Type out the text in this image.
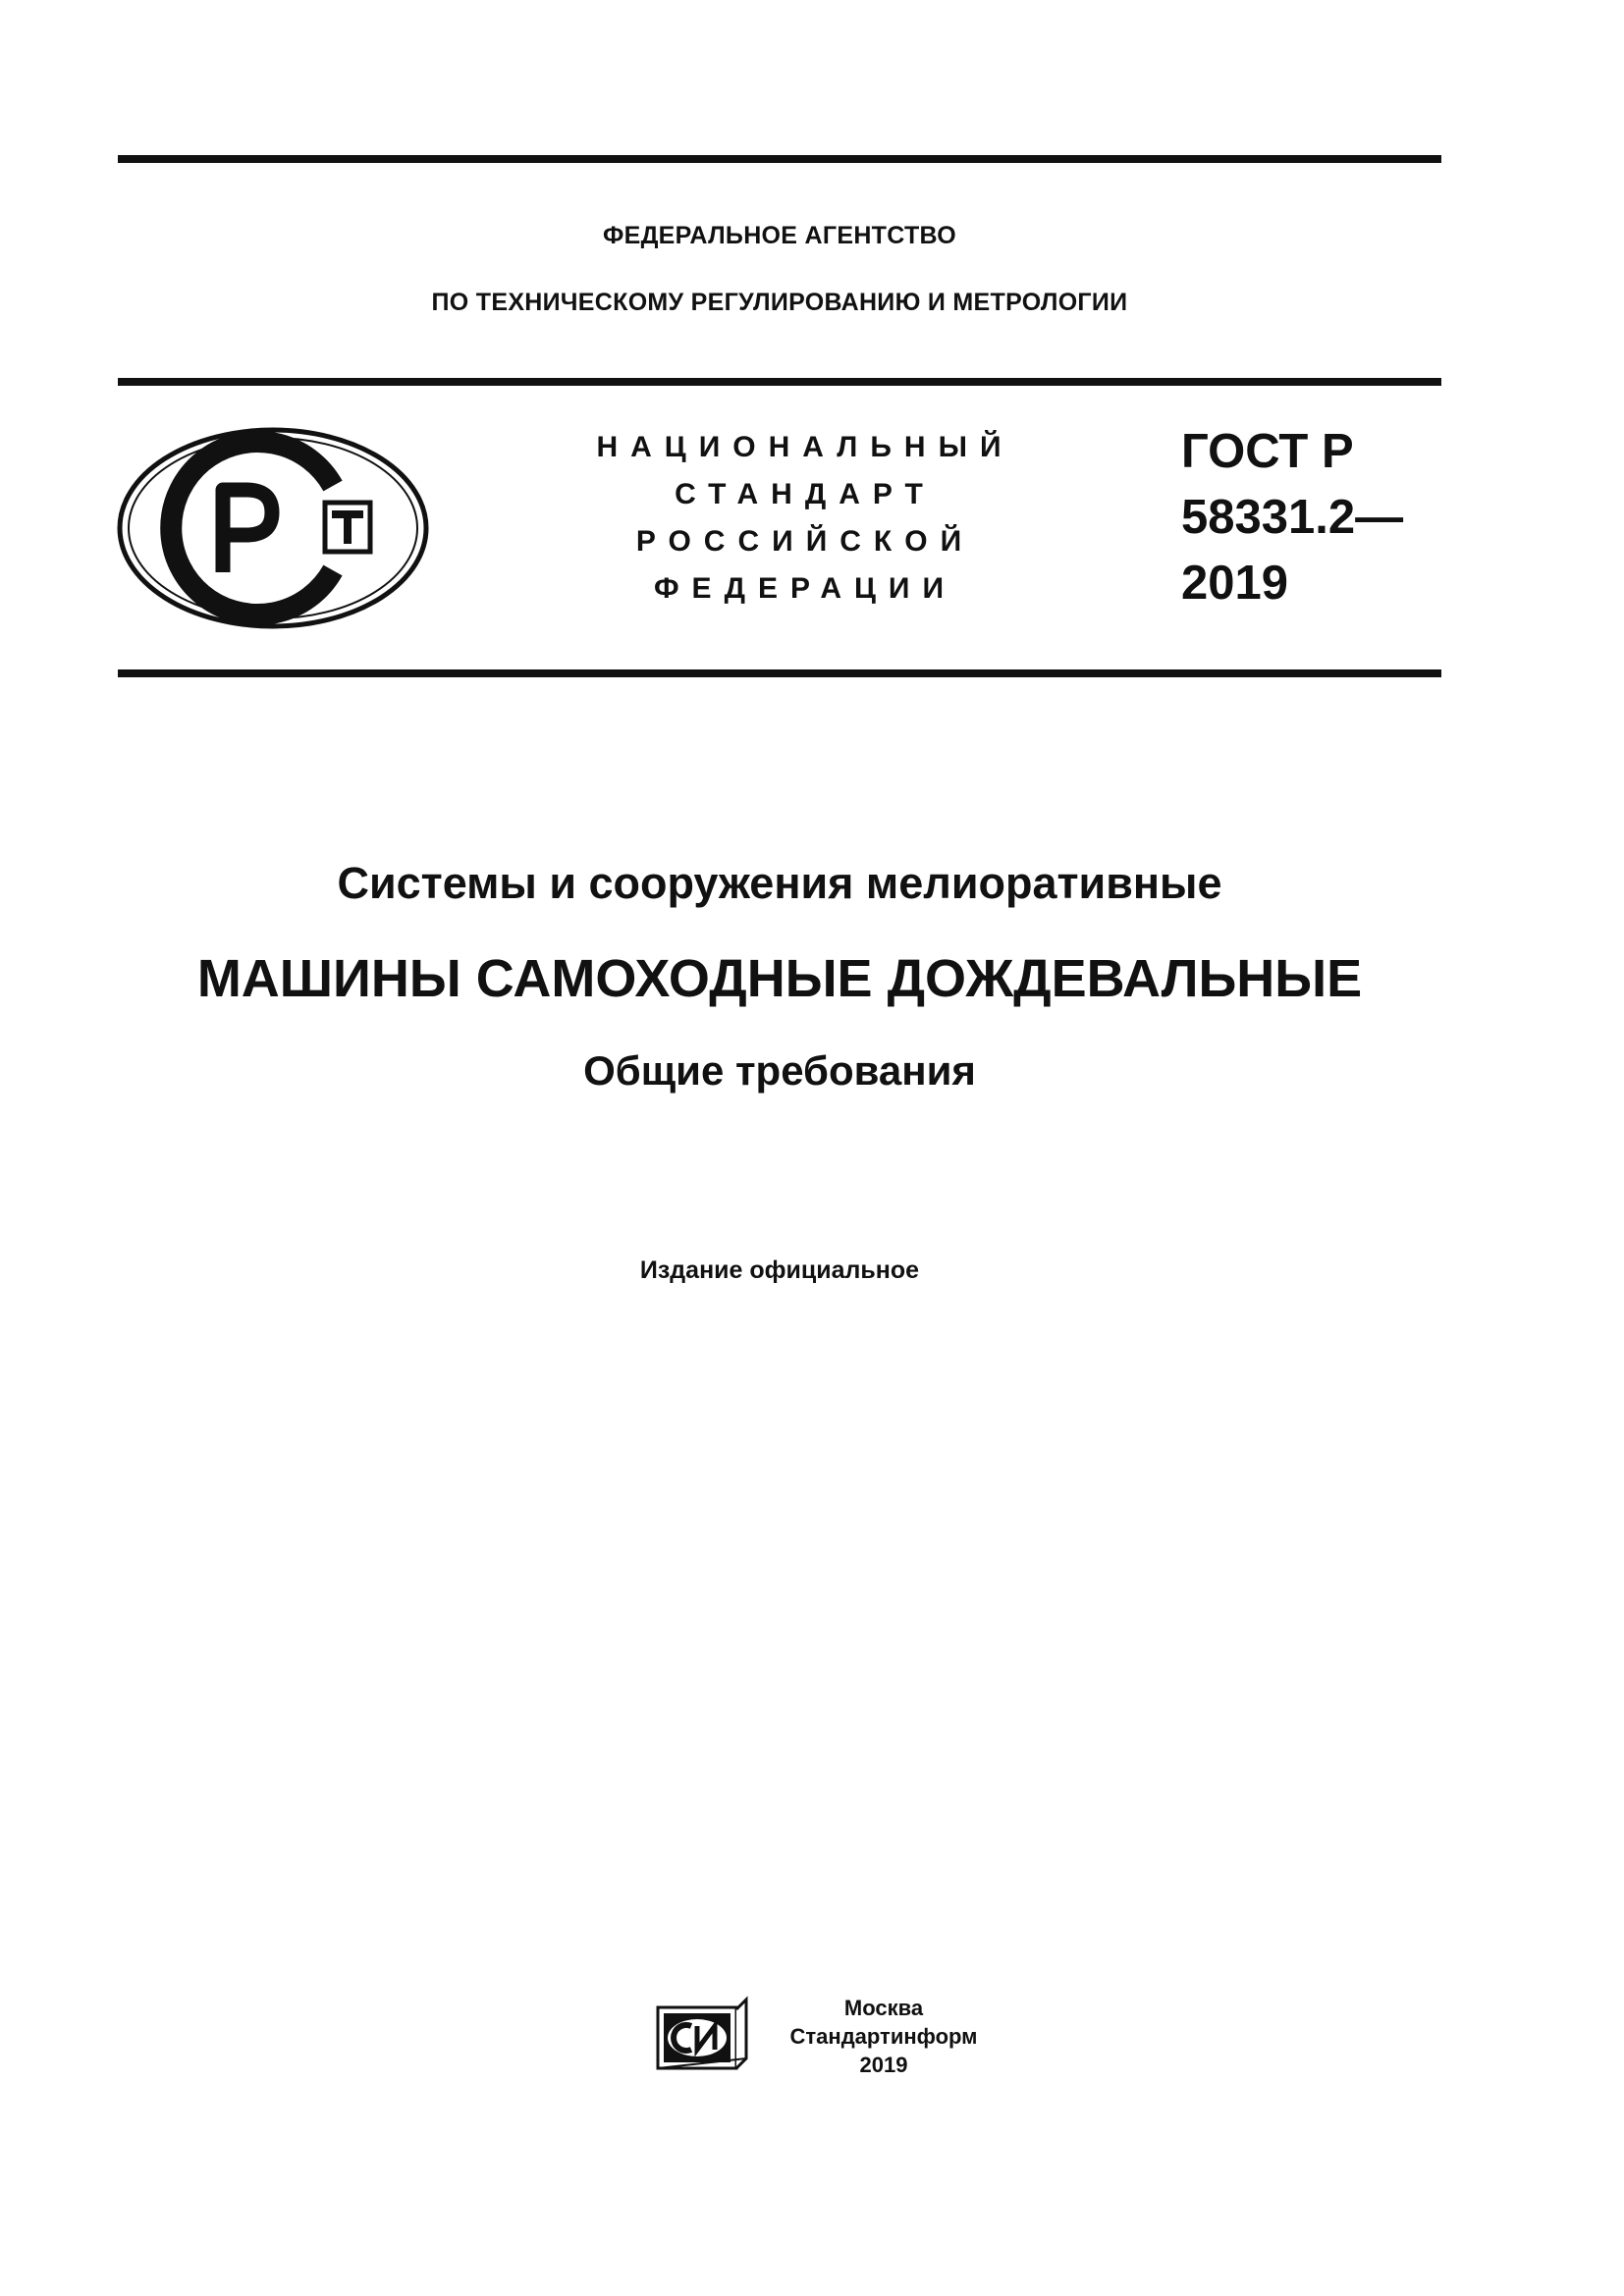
ФЕДЕРАЛЬНОЕ АГЕНТСТВО
ПО ТЕХНИЧЕСКОМУ РЕГУЛИРОВАНИЮ И МЕТРОЛОГИИ
НАЦИОНАЛЬНЫЙ
СТАНДАРТ
РОССИЙСКОЙ
ФЕДЕРАЦИИ
ГОСТ Р
58331.2—
2019
Системы и сооружения мелиоративные
МАШИНЫ САМОХОДНЫЕ ДОЖДЕВАЛЬНЫЕ
Общие требования
Издание официальное
Москва
Стандартинформ
2019
